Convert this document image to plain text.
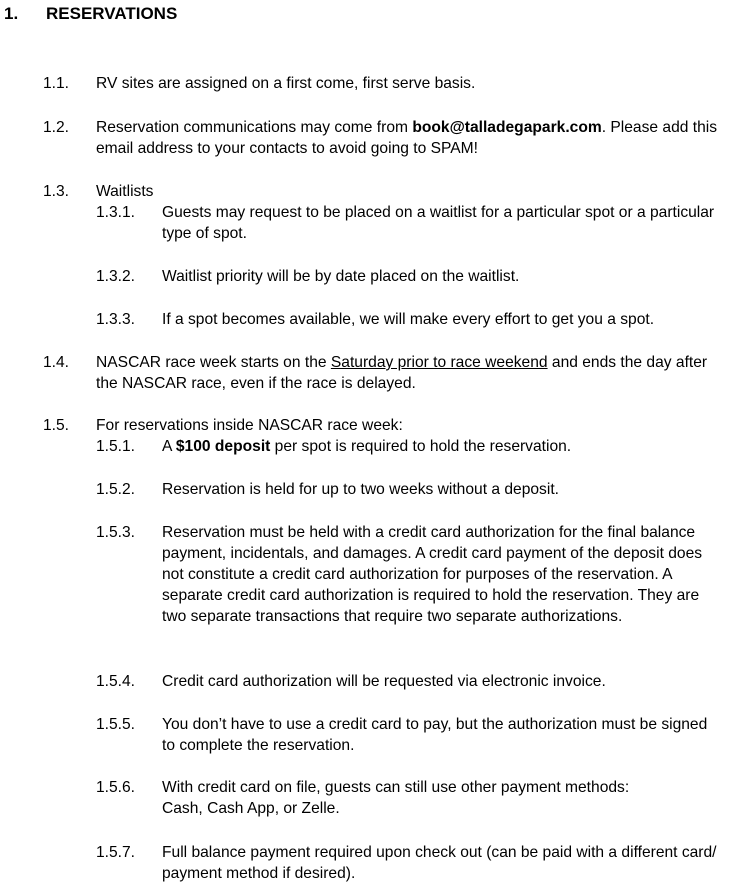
1. RESERVATIONS
1.1. RV sites are assigned on a first come, first serve basis.
1.2. Reservation communications may come from book@talladegapark.com. Please add this email address to your contacts to avoid going to SPAM!
1.3. Waitlists
1.3.1. Guests may request to be placed on a waitlist for a particular spot or a particular type of spot.
1.3.2. Waitlist priority will be by date placed on the waitlist.
1.3.3. If a spot becomes available, we will make every effort to get you a spot.
1.4. NASCAR race week starts on the Saturday prior to race weekend and ends the day after the NASCAR race, even if the race is delayed.
1.5. For reservations inside NASCAR race week:
1.5.1. A $100 deposit per spot is required to hold the reservation.
1.5.2. Reservation is held for up to two weeks without a deposit.
1.5.3. Reservation must be held with a credit card authorization for the final balance payment, incidentals, and damages. A credit card payment of the deposit does not constitute a credit card authorization for purposes of the reservation. A separate credit card authorization is required to hold the reservation. They are two separate transactions that require two separate authorizations.
1.5.4. Credit card authorization will be requested via electronic invoice.
1.5.5. You don’t have to use a credit card to pay, but the authorization must be signed to complete the reservation.
1.5.6. With credit card on file, guests can still use other payment methods:
Cash, Cash App, or Zelle.
1.5.7. Full balance payment required upon check out (can be paid with a different card/ payment method if desired).
